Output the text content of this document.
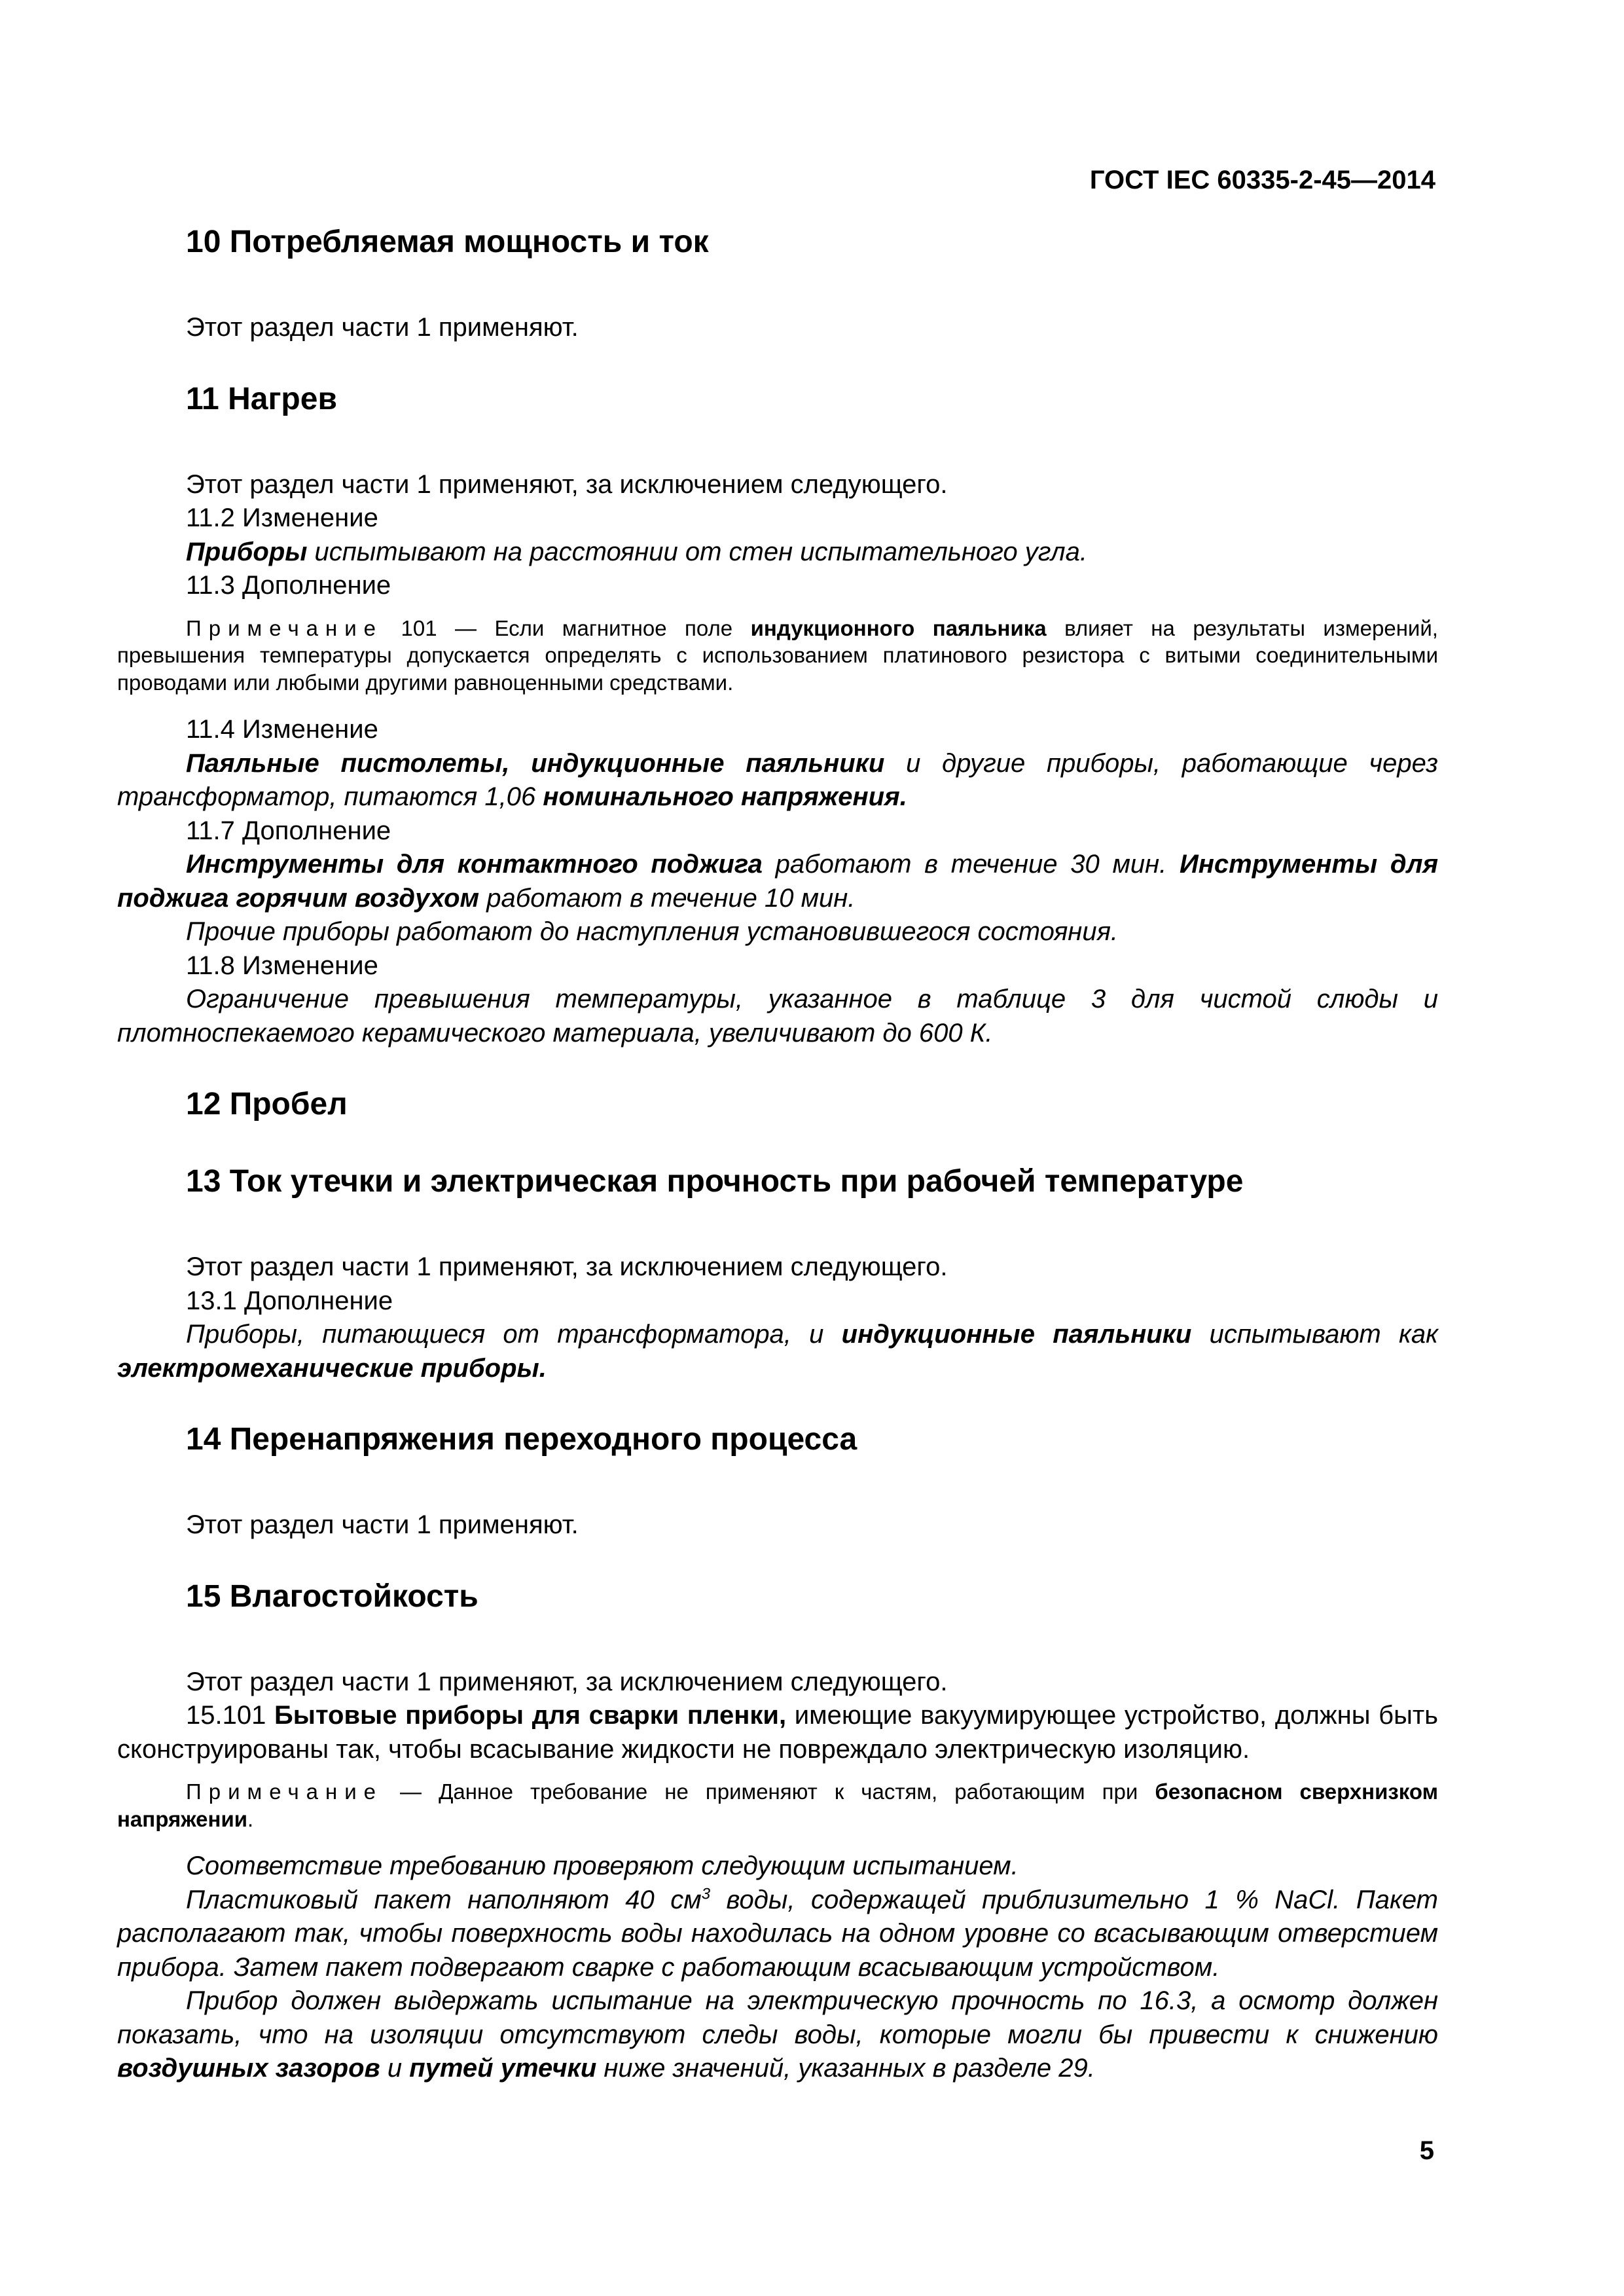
ГОСТ IEC 60335-2-45—2014
10 Потребляемая мощность и ток

Этот раздел части 1 применяют.

11 Нагрев

Этот раздел части 1 применяют, за исключением следующего.

11.2 Изменение

Приборы испытывают на расстоянии от стен испытательного угла.

11.3 Дополнение

Примечание 101 — Если магнитное поле индукционного паяльника влияет на результаты измерений, превышения температуры допускается определять с использованием платинового резистора с витыми соединительными проводами или любыми другими равноценными средствами.

11.4 Изменение

Паяльные пистолеты, индукционные паяльники и другие приборы, работающие через трансформатор, питаются 1,06 номинального напряжения.

11.7 Дополнение

Инструменты для контактного поджига работают в течение 30 мин. Инструменты для поджига горячим воздухом работают в течение 10 мин.

Прочие приборы работают до наступления установившегося состояния.

11.8 Изменение

Ограничение превышения температуры, указанное в таблице 3 для чистой слюды и плотноспекаемого керамического материала, увеличивают до 600 К.

12 Пробел
13 Ток утечки и электрическая прочность при рабочей температуре

Этот раздел части 1 применяют, за исключением следующего.

13.1 Дополнение

Приборы, питающиеся от трансформатора, и индукционные паяльники испытывают как электромеханические приборы.

14 Перенапряжения переходного процесса

Этот раздел части 1 применяют.

15 Влагостойкость

Этот раздел части 1 применяют, за исключением следующего.

15.101 Бытовые приборы для сварки пленки, имеющие вакуумирующее устройство, должны быть сконструированы так, чтобы всасывание жидкости не повреждало электрическую изоляцию.

Примечание — Данное требование не применяют к частям, работающим при безопасном сверхнизком напряжении.

Соответствие требованию проверяют следующим испытанием.

Пластиковый пакет наполняют 40 $см^3$ воды, содержащей приблизительно 1 % NaCl. Пакет располагают так, чтобы поверхность воды находилась на одном уровне со всасывающим отверстием прибора. Затем пакет подвергают сварке с работающим всасывающим устройством.

Прибор должен выдержать испытание на электрическую прочность по 16.3, а осмотр должен показать, что на изоляции отсутствуют следы воды, которые могли бы привести к снижению воздушных зазоров и путей утечки ниже значений, указанных в разделе 29.

5
